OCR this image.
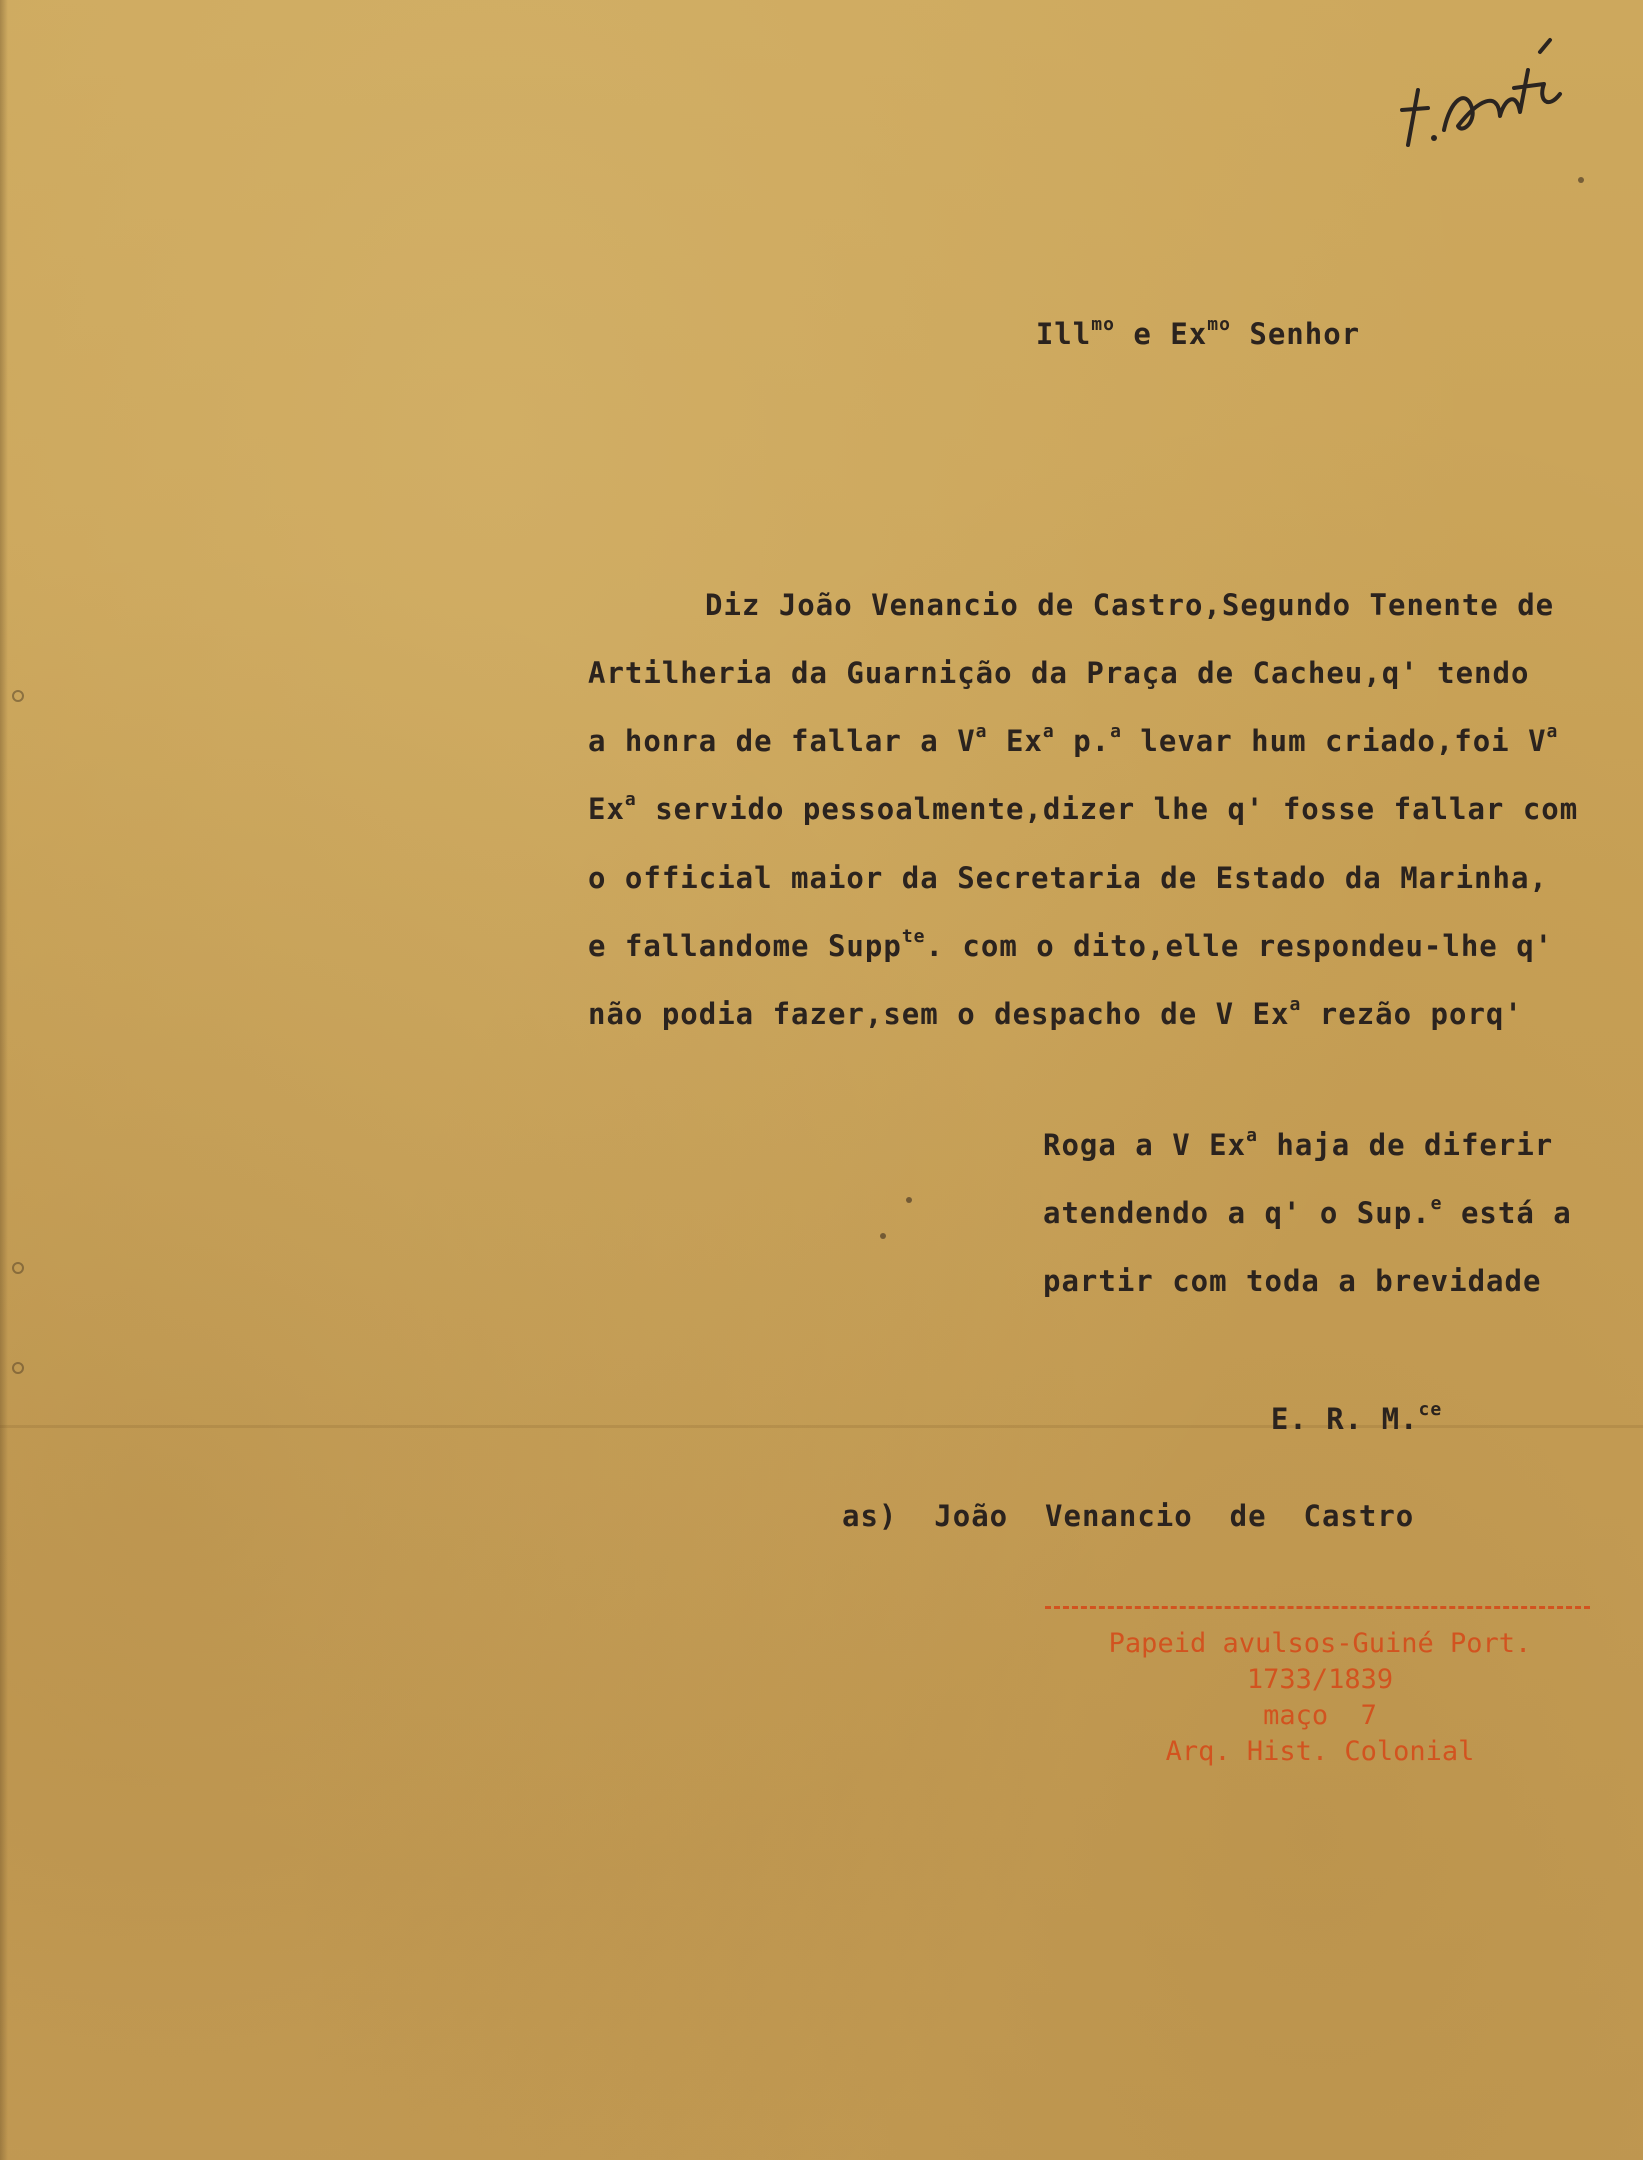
Ill$^{mo}$ e $Ex^{mo}$ Senhor

Diz João Venancio de Castro,Segundo Tenente de
Artilheria da Guarnição da Praça de Cacheu,q' tendo
a honra de fallar a $V^a$ Ex$^a$ p.$^a$ levar hum criado,foi $V^a$
Ex$^a$ servido pessoalmente,dizer lhe q' fosse fallar com
o official maior da Secretaria de Estado da Marinha,
e fallandome Supp$^{te}$. com o dito,elle respondeu-lhe q'
não podia fazer,sem o despacho de V Ex$^a$ rezão porq'
Roga a V Ex$^a$ haja de diferir
atendendo a q' o Sup.$^e$ está a
partir com toda a brevidade

E. R. M.$^{ce}$

as)  João  Venancio  de  Castro
Papeid avulsos-Guiné Port.
1733/1839
maço  7
Arq. Hist. Colonial
